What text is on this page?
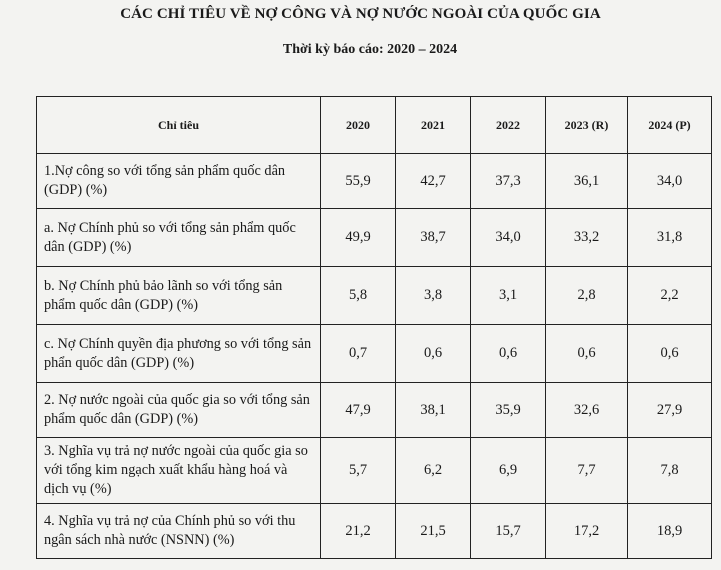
CÁC CHỈ TIÊU VỀ NỢ CÔNG VÀ NỢ NƯỚC NGOÀI CỦA QUỐC GIA
Thời kỳ báo cáo: 2020 – 2024
Chỉ tiêu	2020	2021	2022	2023 (R)	2024 (P)
1.Nợ công so với tổng sản phẩm quốc dân (GDP) (%)	55,9	42,7	37,3	36,1	34,0
a. Nợ Chính phủ so với tổng sản phẩm quốc dân (GDP) (%)	49,9	38,7	34,0	33,2	31,8
b. Nợ Chính phủ bảo lãnh so với tổng sản phẩm quốc dân (GDP) (%)	5,8	3,8	3,1	2,8	2,2
c. Nợ Chính quyền địa phương so với tổng sản phẩn quốc dân (GDP) (%)	0,7	0,6	0,6	0,6	0,6
2. Nợ nước ngoài của quốc gia so với tổng sản phẩm quốc dân (GDP) (%)	47,9	38,1	35,9	32,6	27,9
3. Nghĩa vụ trả nợ nước ngoài của quốc gia so với tổng kim ngạch xuất khẩu hàng hoá và dịch vụ (%)	5,7	6,2	6,9	7,7	7,8
4. Nghĩa vụ trả nợ của Chính phủ so với thu ngân sách nhà nước (NSNN) (%)	21,2	21,5	15,7	17,2	18,9
